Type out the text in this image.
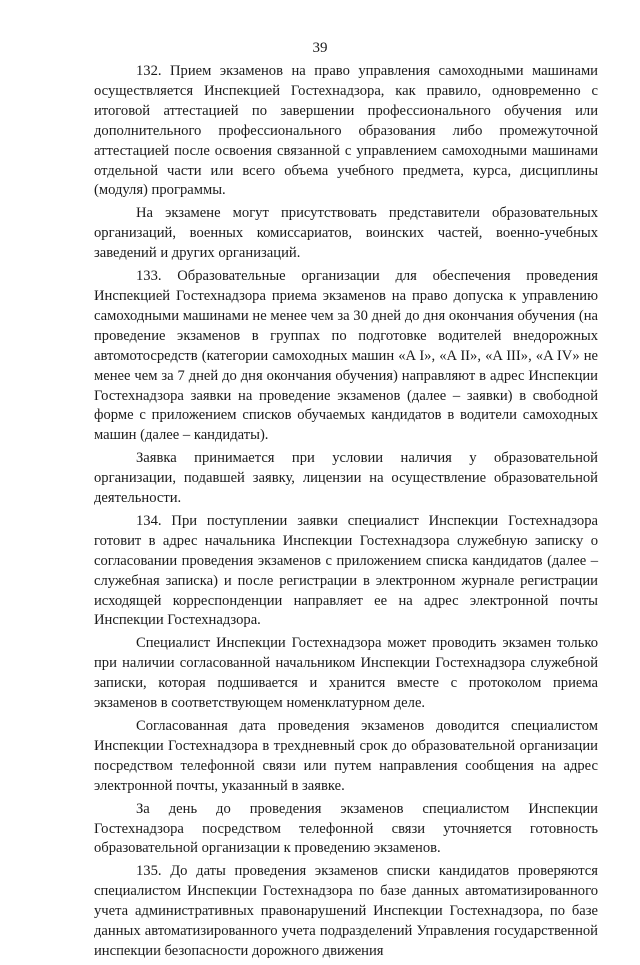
39

132. Прием экзаменов на право управления самоходными машинами осуществляется Инспекцией Гостехнадзора, как правило, одновременно с итоговой аттестацией по завершении профессионального обучения или дополнительного профессионального образования либо промежуточной аттестацией после освоения связанной с управлением самоходными машинами отдельной части или всего объема учебного предмета, курса, дисциплины (модуля) программы.

На экзамене могут присутствовать представители образовательных организаций, военных комиссариатов, воинских частей, военно-учебных заведений и других организаций.

133. Образовательные организации для обеспечения проведения Инспекцией Гостехнадзора приема экзаменов на право допуска к управлению самоходными машинами не менее чем за 30 дней до дня окончания обучения (на проведение экзаменов в группах по подготовке водителей внедорожных автомотосредств (категории самоходных машин «A I», «A II», «A III», «A IV» не менее чем за 7 дней до дня окончания обучения) направляют в адрес Инспекции Гостехнадзора заявки на проведение экзаменов (далее – заявки) в свободной форме с приложением списков обучаемых кандидатов в водители самоходных машин (далее – кандидаты).

Заявка принимается при условии наличия у образовательной организации, подавшей заявку, лицензии на осуществление образовательной деятельности.

134. При поступлении заявки специалист Инспекции Гостехнадзора готовит в адрес начальника Инспекции Гостехнадзора служебную записку о согласовании проведения экзаменов с приложением списка кандидатов (далее – служебная записка) и после регистрации в электронном журнале регистрации исходящей корреспонденции направляет ее на адрес электронной почты Инспекции Гостехнадзора.

Специалист Инспекции Гостехнадзора может проводить экзамен только при наличии согласованной начальником Инспекции Гостехнадзора служебной записки, которая подшивается и хранится вместе с протоколом приема экзаменов в соответствующем номенклатурном деле.

Согласованная дата проведения экзаменов доводится специалистом Инспекции Гостехнадзора в трехдневный срок до образовательной организации посредством телефонной связи или путем направления сообщения на адрес электронной почты, указанный в заявке.

За день до проведения экзаменов специалистом Инспекции Гостехнадзора посредством телефонной связи уточняется готовность образовательной организации к проведению экзаменов.

135. До даты проведения экзаменов списки кандидатов проверяются специалистом Инспекции Гостехнадзора по базе данных автоматизированного учета административных правонарушений Инспекции Гостехнадзора, по базе данных автоматизированного учета подразделений Управления государственной инспекции безопасности дорожного движения
